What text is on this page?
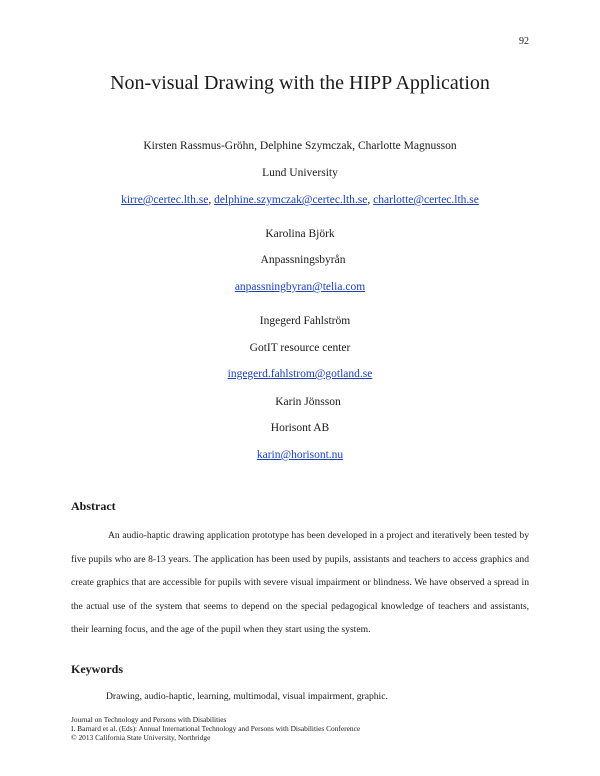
92
Non-visual Drawing with the HIPP Application
Kirsten Rassmus-Gröhn, Delphine Szymczak, Charlotte Magnusson
Lund University
kirre@certec.lth.se, delphine.szymczak@certec.lth.se, charlotte@certec.lth.se
Karolina Björk
Anpassningsbyrån
anpassningbyran@telia.com
Ingegerd Fahlström
GotIT resource center
ingegerd.fahlstrom@gotland.se
Karin Jönsson
Horisont AB
karin@horisont.nu
Abstract
An audio-haptic drawing application prototype has been developed in a project and iteratively been tested by five pupils who are 8-13 years. The application has been used by pupils, assistants and teachers to access graphics and create graphics that are accessible for pupils with severe visual impairment or blindness. We have observed a spread in the actual use of the system that seems to depend on the special pedagogical knowledge of teachers and assistants, their learning focus, and the age of the pupil when they start using the system.
Keywords
Drawing, audio-haptic, learning, multimodal, visual impairment, graphic.
Journal on Technology and Persons with Disabilities
I. Barnard et al. (Eds): Annual International Technology and Persons with Disabilities Conference
© 2013 California State University, Northridge
